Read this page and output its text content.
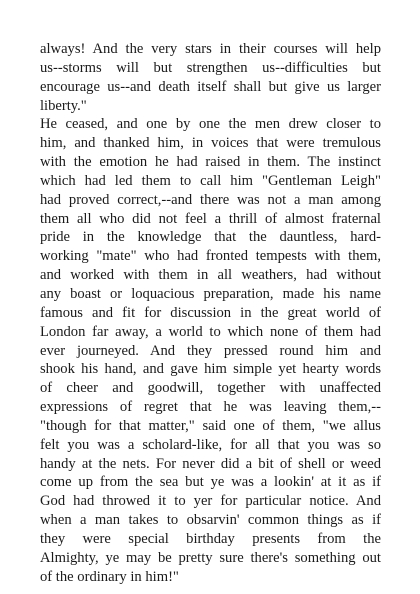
always! And the very stars in their courses will help
us--storms will but strengthen us--difficulties but
encourage us--and death itself shall but give us larger
liberty."
He ceased, and one by one the men drew closer to
him, and thanked him, in voices that were tremulous
with the emotion he had raised in them. The instinct
which had led them to call him "Gentleman Leigh"
had proved correct,--and there was not a man among
them all who did not feel a thrill of almost fraternal
pride in the knowledge that the dauntless, hard-
working "mate" who had fronted tempests with them,
and worked with them in all weathers, had without
any boast or loquacious preparation, made his name
famous and fit for discussion in the great world of
London far away, a world to which none of them had
ever journeyed. And they pressed round him and
shook his hand, and gave him simple yet hearty words
of cheer and goodwill, together with unaffected
expressions of regret that he was leaving them,--
"though for that matter," said one of them, "we allus
felt you was a scholard-like, for all that you was so
handy at the nets. For never did a bit of shell or weed
come up from the sea but ye was a lookin' at it as if
God had throwed it to yer for particular notice. And
when a man takes to obsarvin' common things as if
they were special birthday presents from the
Almighty, ye may be pretty sure there's something out
of the ordinary in him!"
